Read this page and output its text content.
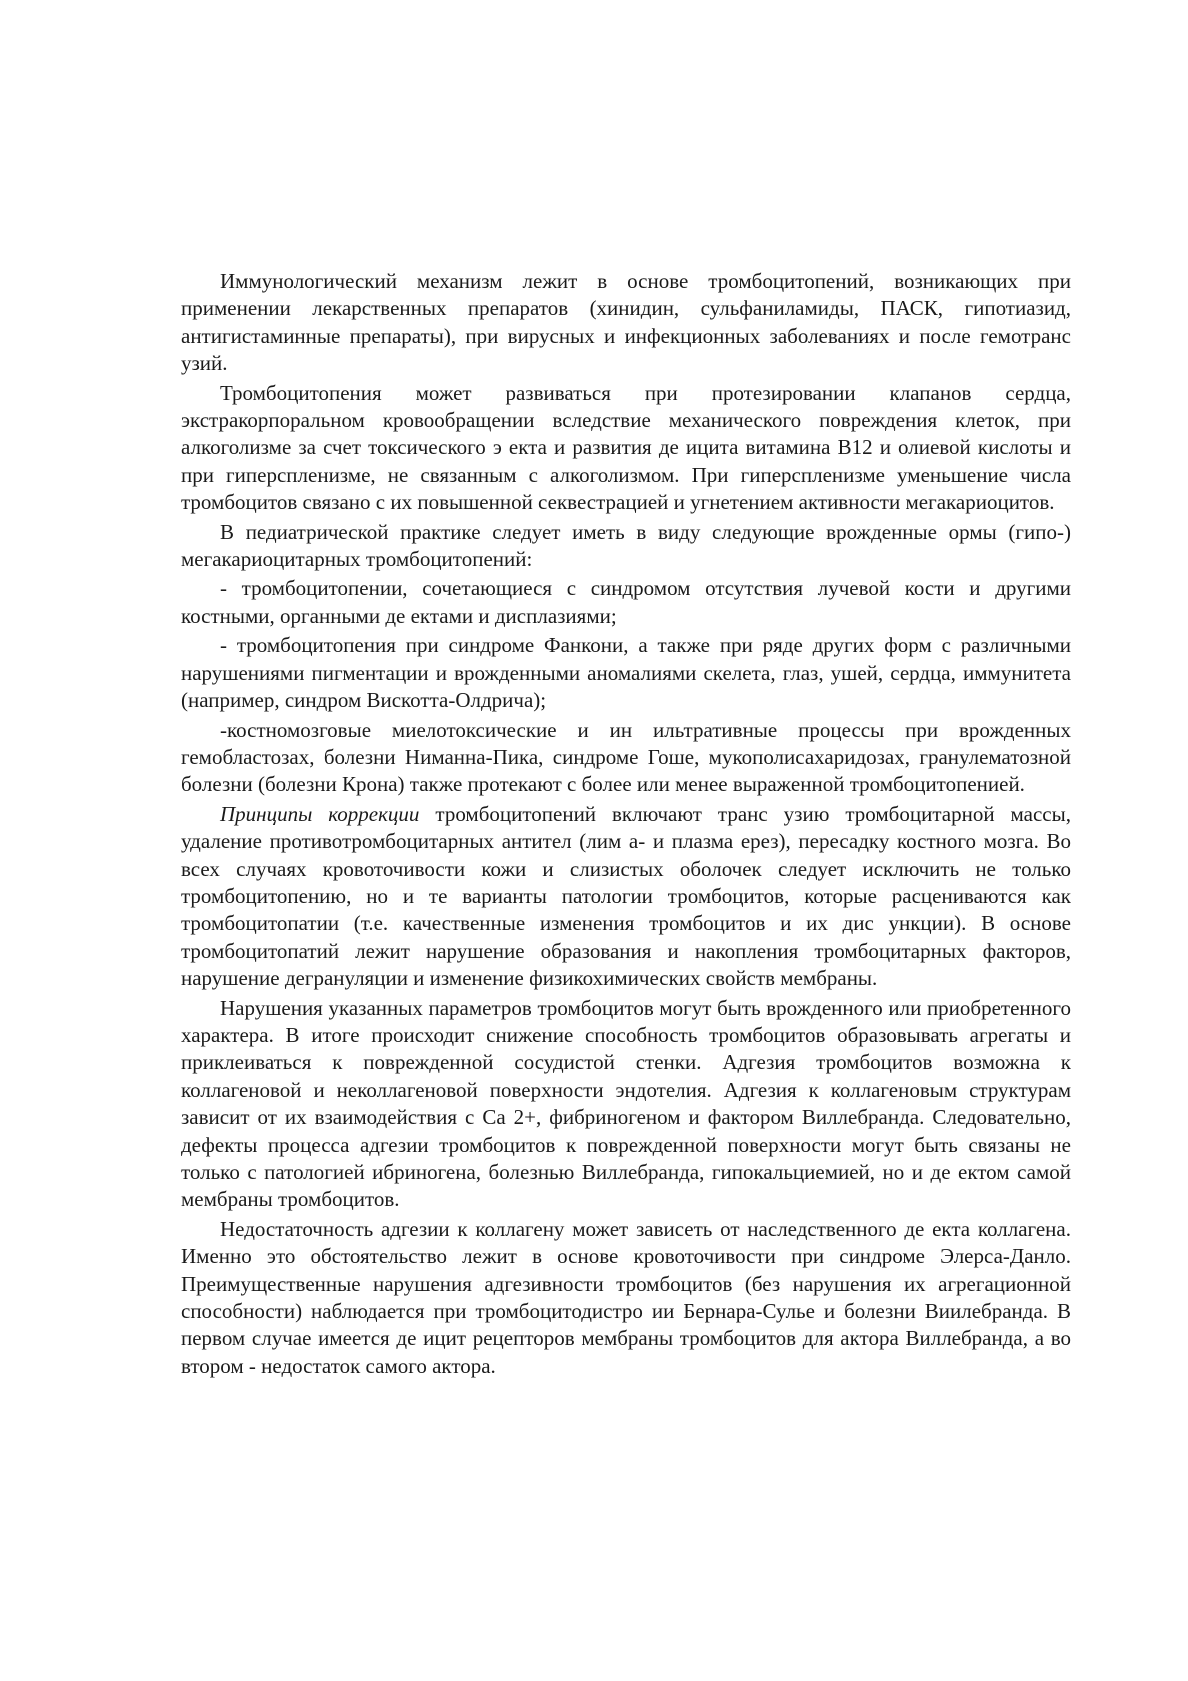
Иммунологический механизм лежит в основе тромбоцитопений, возникающих при применении лекарственных препаратов (хинидин, сульфаниламиды, ПАСК, гипотиазид, антигистаминные препараты), при вирусных и инфекционных заболеваниях и после гемотранс узий.

Тромбоцитопения может развиваться при протезировании клапанов сердца, экстракорпоральном кровообращении вследствие механического повреждения клеток, при алкоголизме за счет токсического э екта и развития де ицита витамина В12 и олиевой кислоты и при гиперспленизме, не связанным с алкоголизмом. При гиперспленизме уменьшение числа тромбоцитов связано с их повышенной секвестрацией и угнетением активности мегакариоцитов.

В педиатрической практике следует иметь в виду следующие врожденные ормы (гипо-) мегакариоцитарных тромбоцитопений:

- тромбоцитопении, сочетающиеся с синдромом отсутствия лучевой кости и другими костными, органными де ектами и дисплазиями;

- тромбоцитопения при синдроме Фанкони, а также при ряде других форм с различными нарушениями пигментации и врожденными аномалиями скелета, глаз, ушей, сердца, иммунитета (например, синдром Вискотта-Олдрича);

-костномозговые миелотоксические и ин ильтративные процессы при врожденных гемобластозах, болезни Ниманна-Пика, синдроме Гоше, мукополисахаридозах, гранулематозной болезни (болезни Крона) также протекают с более или менее выраженной тромбоцитопенией.

Принципы коррекции тромбоцитопений включают транс узию тромбоцитарной массы, удаление противотромбоцитарных антител (лим а- и плазма ерез), пересадку костного мозга. Во всех случаях кровоточивости кожи и слизистых оболочек следует исключить не только тромбоцитопению, но и те варианты патологии тромбоцитов, которые расцениваются как тромбоцитопатии (т.е. качественные изменения тромбоцитов и их дис ункции). В основе тромбоцитопатий лежит нарушение образования и накопления тромбоцитарных факторов, нарушение дегрануляции и изменение физикохимических свойств мембраны.

Нарушения указанных параметров тромбоцитов могут быть врожденного или приобретенного характера. В итоге происходит снижение способность тромбоцитов образовывать агрегаты и приклеиваться к поврежденной сосудистой стенки. Адгезия тромбоцитов возможна к коллагеновой и неколлагеновой поверхности эндотелия. Адгезия к коллагеновым структурам зависит от их взаимодействия с Са 2+, фибриногеном и фактором Виллебранда. Следовательно, дефекты процесса адгезии тромбоцитов к поврежденной поверхности могут быть связаны не только с патологией ибриногена, болезнью Виллебранда, гипокальциемией, но и де ектом самой мембраны тромбоцитов.

Недостаточность адгезии к коллагену может зависеть от наследственного де екта коллагена. Именно это обстоятельство лежит в основе кровоточивости при синдроме Элерса-Данло. Преимущественные нарушения адгезивности тромбоцитов (без нарушения их агрегационной способности) наблюдается при тромбоцитодистро ии Бернара-Сулье и болезни Виилебранда. В первом случае имеется де ицит рецепторов мембраны тромбоцитов для актора Виллебранда, а во втором - недостаток самого актора.
